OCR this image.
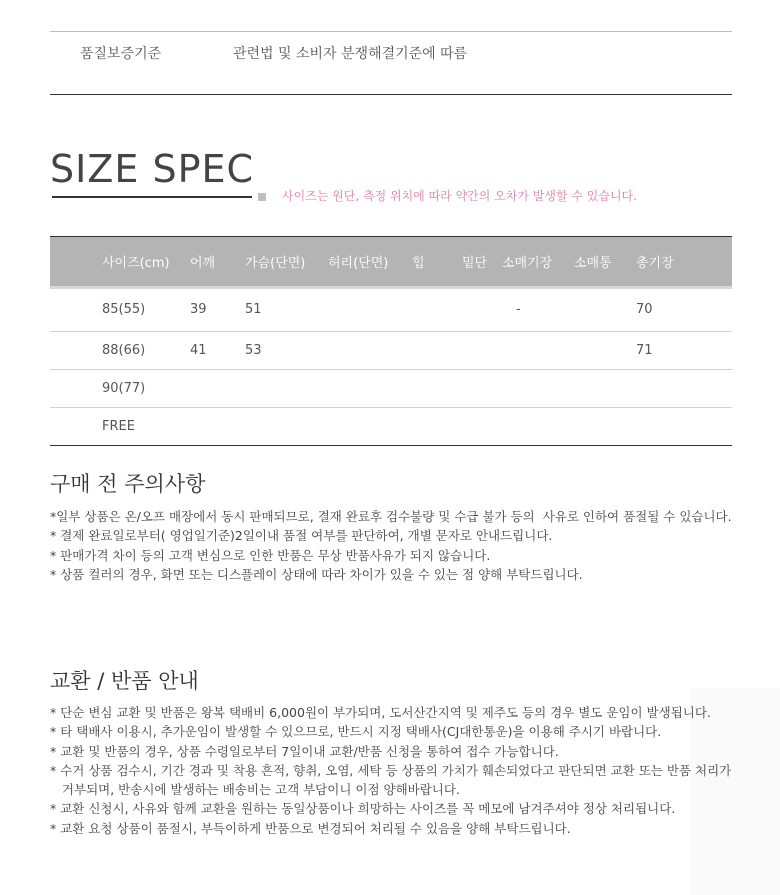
품질보증기준	관련법 및 소비자 분쟁해결기준에 따름
SIZE SPEC
사이즈는 원단, 측정 위치에 따라 약간의 오차가 발생할 수 있습니다.
사이즈(cm)	어깨	가슴(단면)	허리(단면)	힙	밑단	소매기장	소매통	총기장
85(55)	39	51				-		70
88(66)	41	53						71
90(77)								
FREE								
구매 전 주의사항
*일부 상품은 온/오프 매장에서 동시 판매되므로, 결재 완료후 검수불량 및 수급 불가 등의  사유로 인하여 품절될 수 있습니다.
* 결제 완료일로부터( 영업일기준)2일이내 품절 여부를 판단하여, 개별 문자로 안내드립니다.
* 판매가격 차이 등의 고객 변심으로 인한 반품은 무상 반품사유가 되지 않습니다.
* 상품 컬러의 경우, 화면 또는 디스플레이 상태에 따라 차이가 있을 수 있는 점 양해 부탁드립니다.
교환 / 반품 안내
* 단순 변심 교환 및 반품은 왕복 택배비 6,000원이 부가되며, 도서산간지역 및 제주도 등의 경우 별도 운임이 발생됩니다.
* 타 택배사 이용시, 추가운임이 발생할 수 있으므로, 반드시 지정 택배사(CJ대한통운)을 이용해 주시기 바랍니다.
* 교환 및 반품의 경우, 상품 수령일로부터 7일이내 교환/반품 신청을 통하여 접수 가능합니다.
* 수거 상품 검수시, 기간 경과 및 착용 흔적, 향취, 오염, 세탁 등 상품의 가치가 훼손되었다고 판단되면 교환 또는 반품 처리가
거부되며, 반송시에 발생하는 배송비는 고객 부담이니 이점 양해바랍니다.
* 교환 신청시, 사유와 함께 교환을 원하는 동일상품이나 희망하는 사이즈를 꼭 메모에 남겨주셔야 정상 처리됩니다.
* 교환 요청 상품이 품절시, 부득이하게 반품으로 변경되어 처리될 수 있음을 양해 부탁드립니다.
